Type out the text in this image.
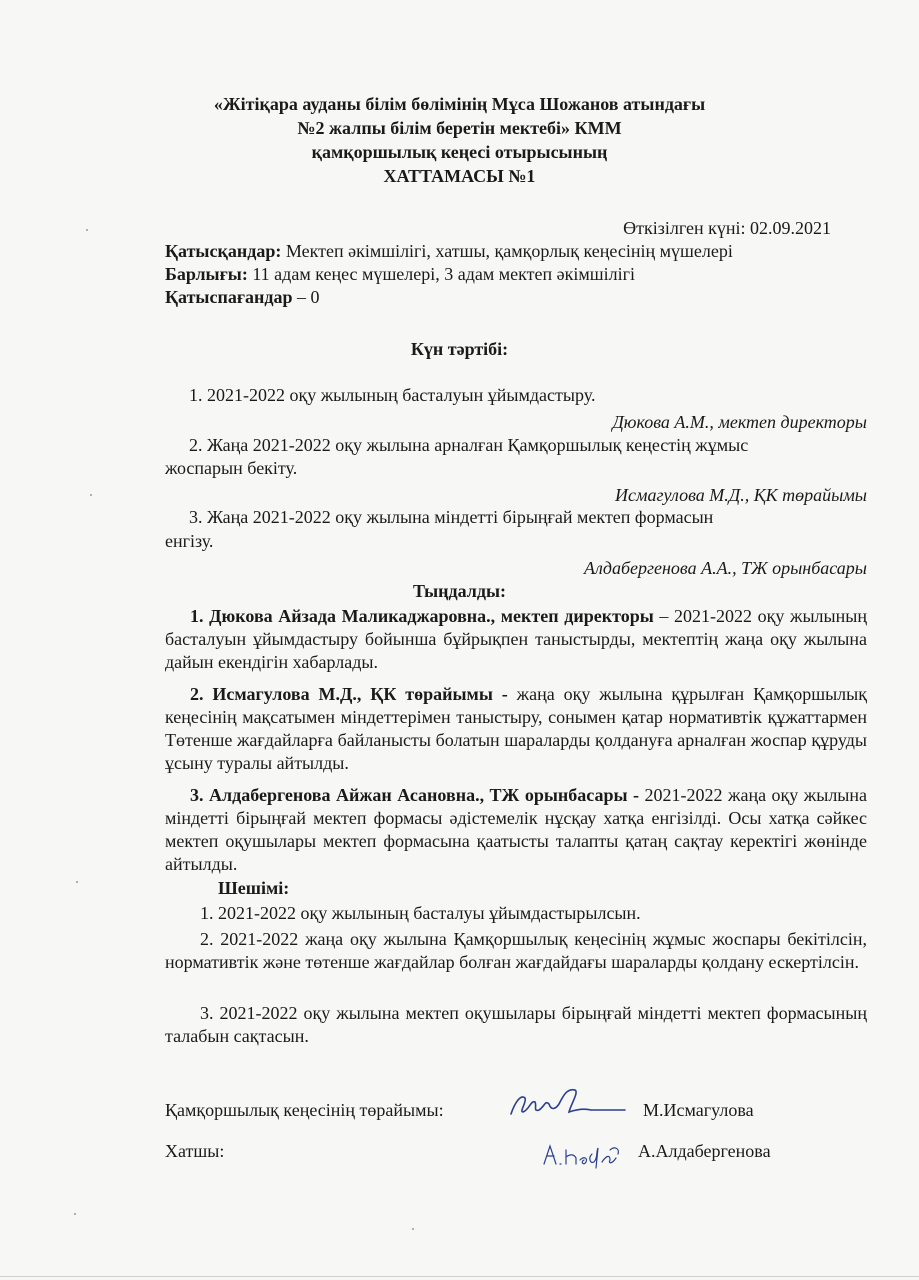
«Жітіқара ауданы білім бөлімінің Мұса Шожанов атындағы
№2 жалпы білім беретін мектебі» КММ
қамқоршылық кеңесі отырысының
ХАТТАМАСЫ №1
Өткізілген күні: 02.09.2021
Қатысқандар: Мектеп әкімшілігі, хатшы, қамқорлық кеңесінің мүшелері
Барлығы: 11 адам кеңес мүшелері, 3 адам мектеп әкімшілігі
Қатыспағандар – 0
Күн тәртібі:
1. 2021-2022 оқу жылының басталуын ұйымдастыру.
Дюкова А.М., мектеп директоры
2. Жаңа 2021-2022 оқу жылына арналған Қамқоршылық кеңестің жұмыс
жоспарын бекіту.
Исмагулова М.Д., ҚК төрайымы
3. Жаңа 2021-2022 оқу жылына міндетті бірыңғай мектеп формасын
енгізу.
Алдабергенова А.А., ТЖ орынбасары
Тыңдалды:
1. Дюкова Айзада Маликаджаровна., мектеп директоры – 2021-2022 оқу жылының басталуын ұйымдастыру бойынша бұйрықпен таныстырды, мектептің жаңа оқу жылына дайын екендігін хабарлады.
2. Исмагулова М.Д., ҚК төрайымы - жаңа оқу жылына құрылған Қамқоршылық кеңесінің мақсатымен міндеттерімен таныстыру, сонымен қатар нормативтік құжаттармен Төтенше жағдайларға байланысты болатын шараларды қолдануға арналған жоспар құруды ұсыну туралы айтылды.
3. Алдабергенова Айжан Асановна., ТЖ орынбасары - 2021-2022 жаңа оқу жылына міндетті бірыңғай мектеп формасы әдістемелік нұсқау хатқа енгізілді. Осы хатқа сәйкес мектеп оқушылары мектеп формасына қаатысты талапты қатаң сақтау керектігі жөнінде айтылды.
Шешімі:
1. 2021-2022 оқу жылының басталуы ұйымдастырылсын.
2. 2021-2022 жаңа оқу жылына Қамқоршылық кеңесінің жұмыс жоспары бекітілсін, нормативтік және төтенше жағдайлар болған жағдайдағы шараларды қолдану ескертілсін.
3. 2021-2022 оқу жылына мектеп оқушылары бірыңғай міндетті мектеп формасының талабын сақтасын.
Қамқоршылық кеңесінің төрайымы:	М.Исмагулова
Хатшы:	А.Алдабергенова
